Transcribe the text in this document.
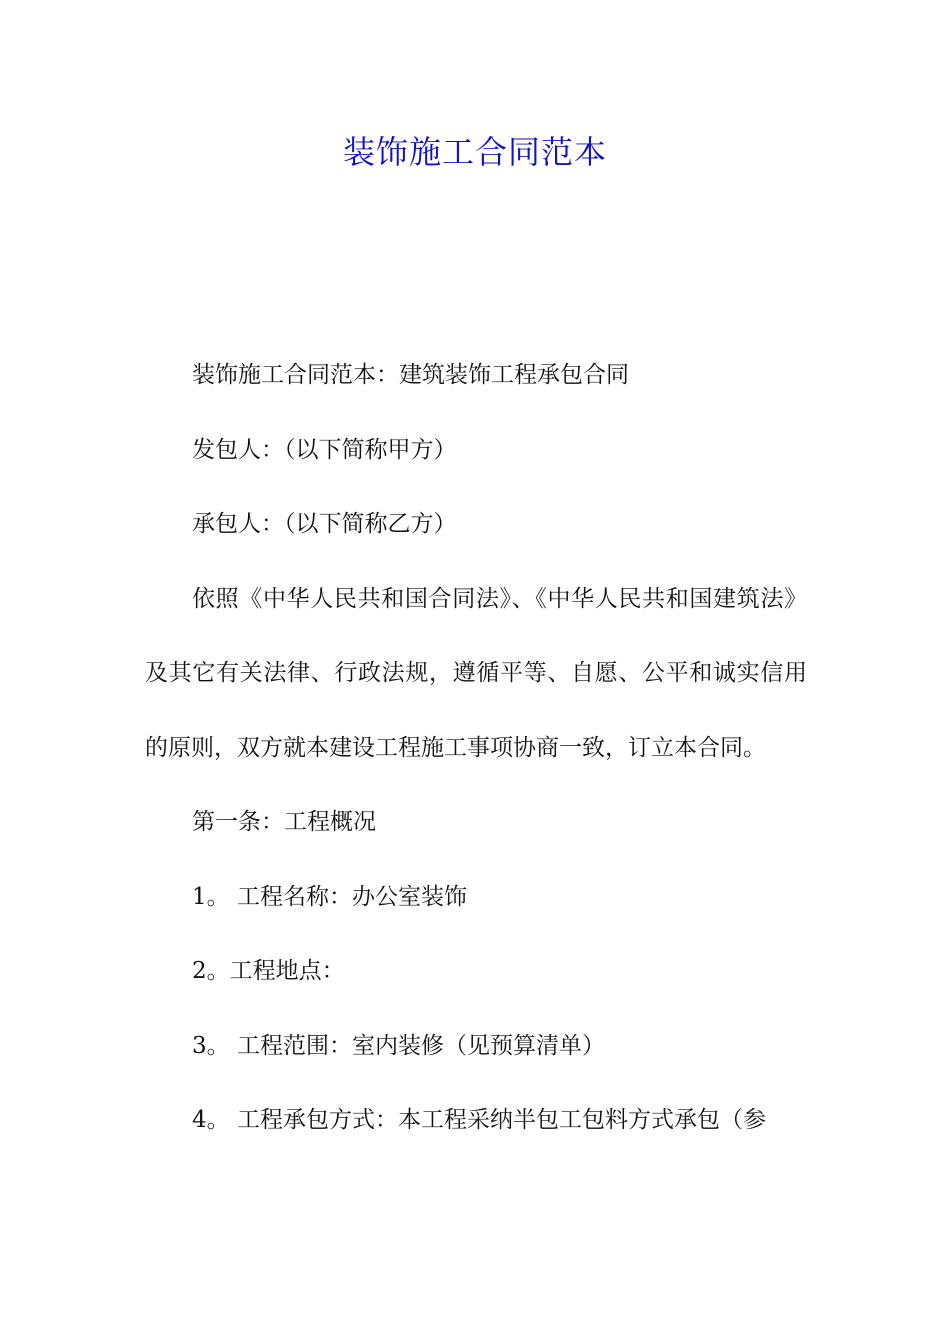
装饰施工合同范本

装饰施工合同范本：建筑装饰工程承包合同

发包人：（以下简称甲方）

承包人：（以下简称乙方）

依照《中华人民共和国合同法》、《中华人民共和国建筑法》及其它有关法律、行政法规，遵循平等、自愿、公平和诚实信用的原则，双方就本建设工程施工事项协商一致，订立本合同。

第一条：工程概况

1。 工程名称：办公室装饰

2。工程地点：

3。 工程范围：室内装修（见预算清单）

4。 工程承包方式：本工程采纳半包工包料方式承包（参
